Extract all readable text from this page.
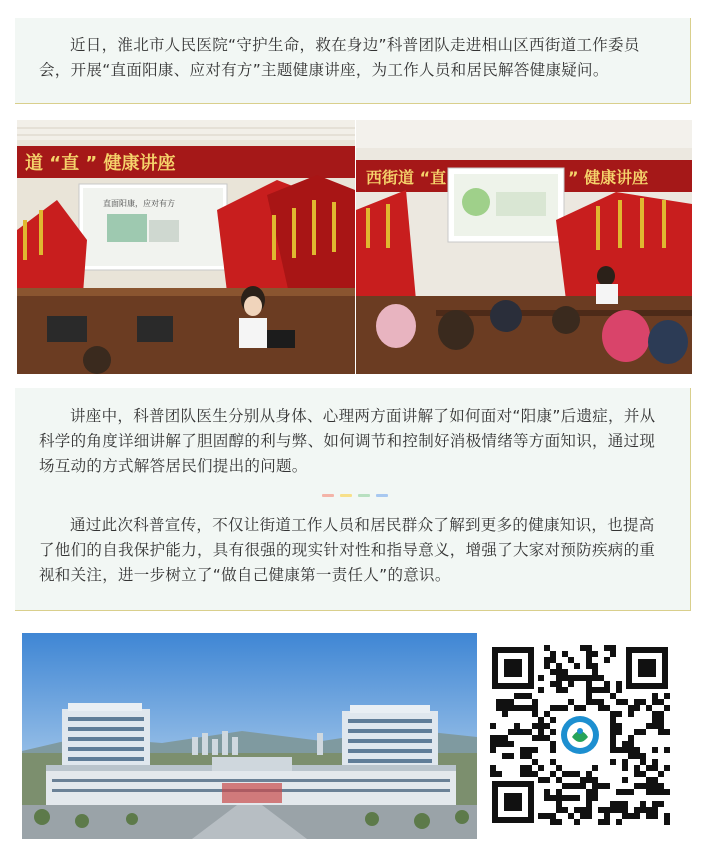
近日，淮北市人民医院“守护生命，救在身边”科普团队走进相山区西街道工作委员会，开展“直面阳康、应对有方”主题健康讲座，为工作人员和居民解答健康疑问。

道 “直 ” 健康讲座
直面阳康，应对有方
西街道 “直	” 健康讲座

讲座中，科普团队医生分别从身体、心理两方面讲解了如何面对“阳康”后遗症，并从科学的角度详细讲解了胆固醇的利与弊、如何调节和控制好消极情绪等方面知识，通过现场互动的方式解答居民们提出的问题。

通过此次科普宣传，不仅让街道工作人员和居民群众了解到更多的健康知识，也提高了他们的自我保护能力，具有很强的现实针对性和指导意义，增强了大家对预防疾病的重视和关注，进一步树立了“做自己健康第一责任人”的意识。
